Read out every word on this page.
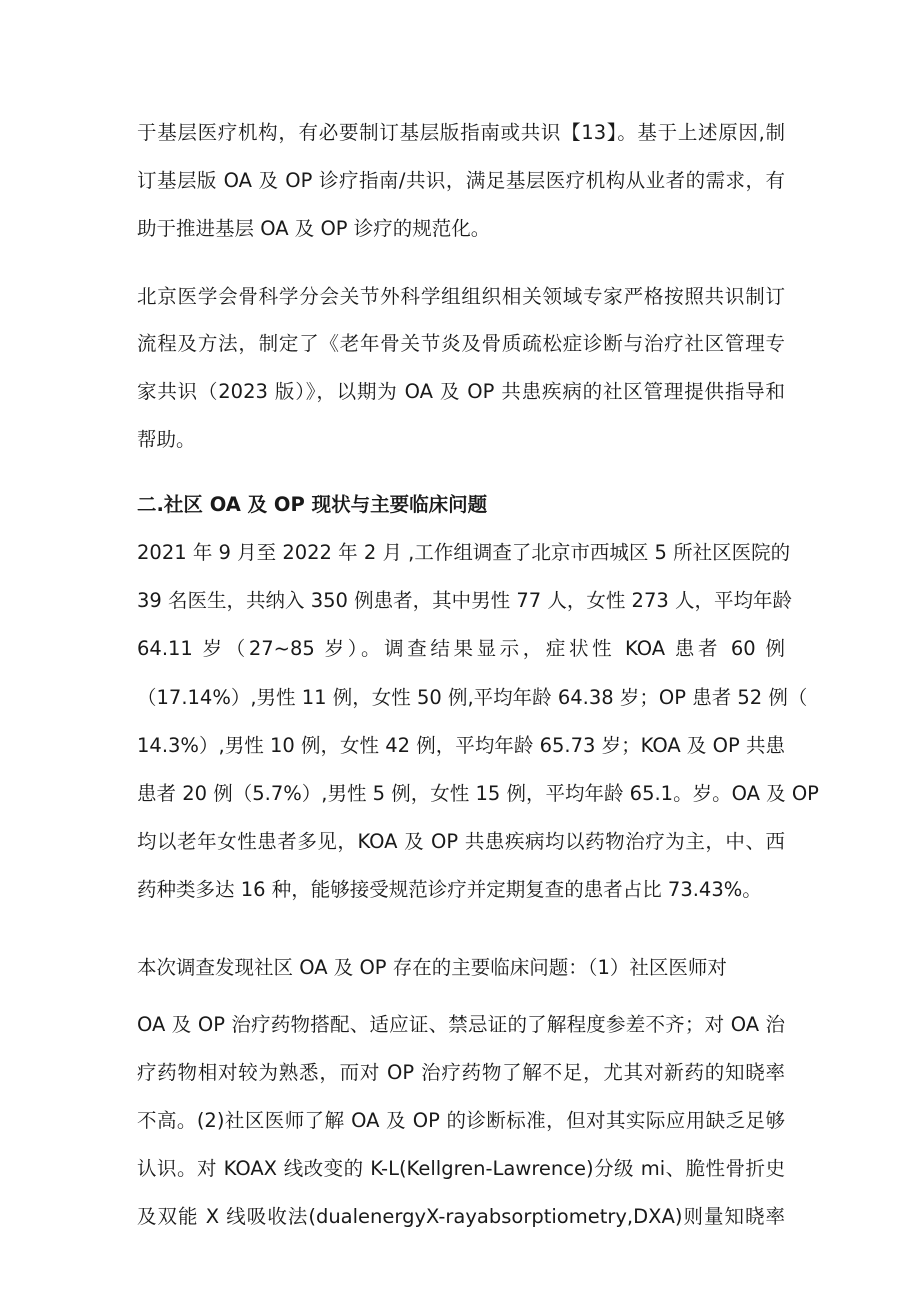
于基层医疗机构，有必要制订基层版指南或共识【13】。基于上述原因,制
订基层版 OA 及 OP 诊疗指南/共识，满足基层医疗机构从业者的需求，有
助于推进基层 OA 及 OP 诊疗的规范化。
北京医学会骨科学分会关节外科学组组织相关领域专家严格按照共识制订
流程及方法，制定了《老年骨关节炎及骨质疏松症诊断与治疗社区管理专
家共识（2023 版）》，以期为 OA 及 OP 共患疾病的社区管理提供指导和
帮助。
二.社区 OA 及 OP 现状与主要临床问题
2021 年 9 月至 2022 年 2 月 ,工作组调查了北京市西城区 5 所社区医院的
39 名医生，共纳入 350 例患者，其中男性 77 人，女性 273 人，平均年龄
64.11 岁（27~85 岁）。调查结果显示，症状性 KOA 患者 60 例
（17.14%）,男性 11 例，女性 50 例,平均年龄 64.38 岁；OP 患者 52 例（
14.3%）,男性 10 例，女性 42 例，平均年龄 65.73 岁；KOA 及 OP 共患
患者 20 例（5.7%）,男性 5 例，女性 15 例，平均年龄 65.1。岁。OA 及 OP
均以老年女性患者多见，KOA 及 OP 共患疾病均以药物治疗为主，中、西
药种类多达 16 种，能够接受规范诊疗并定期复查的患者占比 73.43%。
本次调查发现社区 OA 及 OP 存在的主要临床问题：（1）社区医师对
OA 及 OP 治疗药物搭配、适应证、禁忌证的了解程度参差不齐；对 OA 治
疗药物相对较为熟悉，而对 OP 治疗药物了解不足，尤其对新药的知晓率
不高。(2)社区医师了解 OA 及 OP 的诊断标准，但对其实际应用缺乏足够
认识。对 KOAX 线改变的 K-L(Kellgren-Lawrence)分级 mi、脆性骨折史
及双能 X 线吸收法(dualenergyX-rayabsorptiometry,DXA)则量知晓率
